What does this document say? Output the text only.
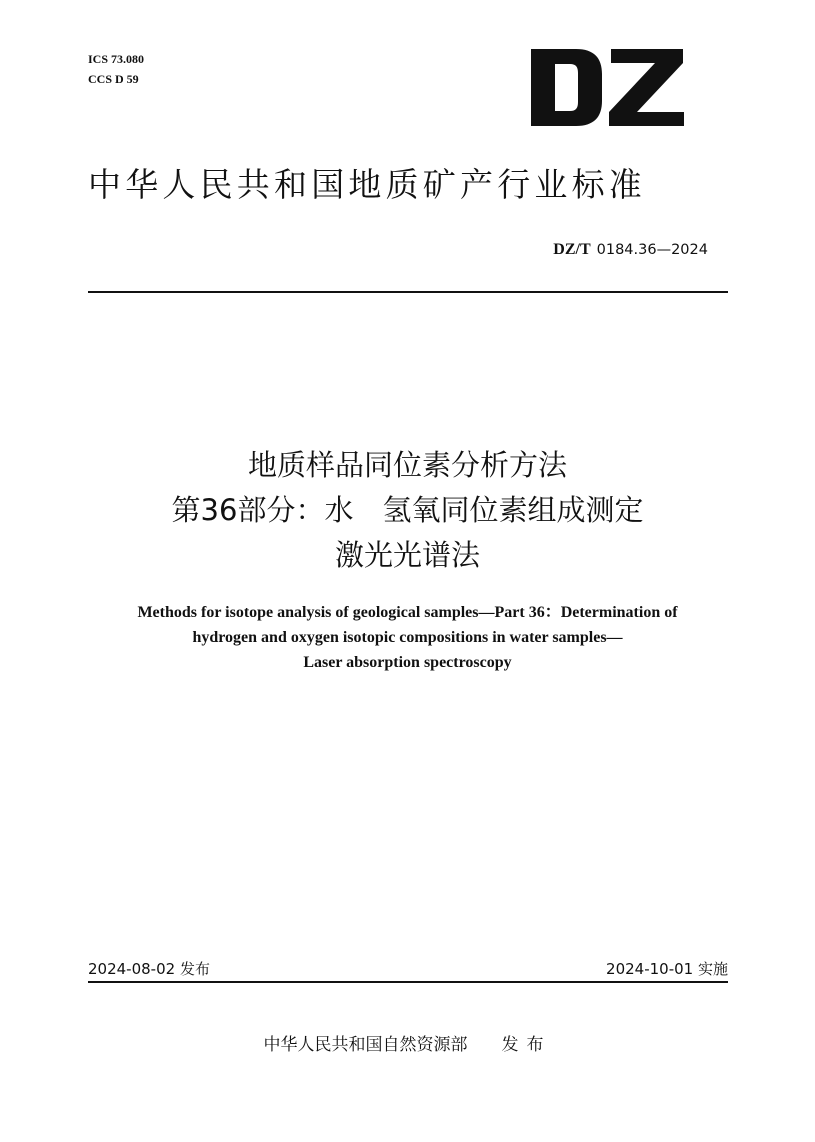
ICS 73.080
CCS D 59
中华人民共和国地质矿产行业标准
DZ/T 0184.36—2024
地质样品同位素分析方法
第36部分：水　氢氧同位素组成测定
激光光谱法
Methods for isotope analysis of geological samples—Part 36：Determination of
hydrogen and oxygen isotopic compositions in water samples—
Laser absorption spectroscopy
2024-08-02 发布	2024-10-01 实施
中华人民共和国自然资源部 发布
